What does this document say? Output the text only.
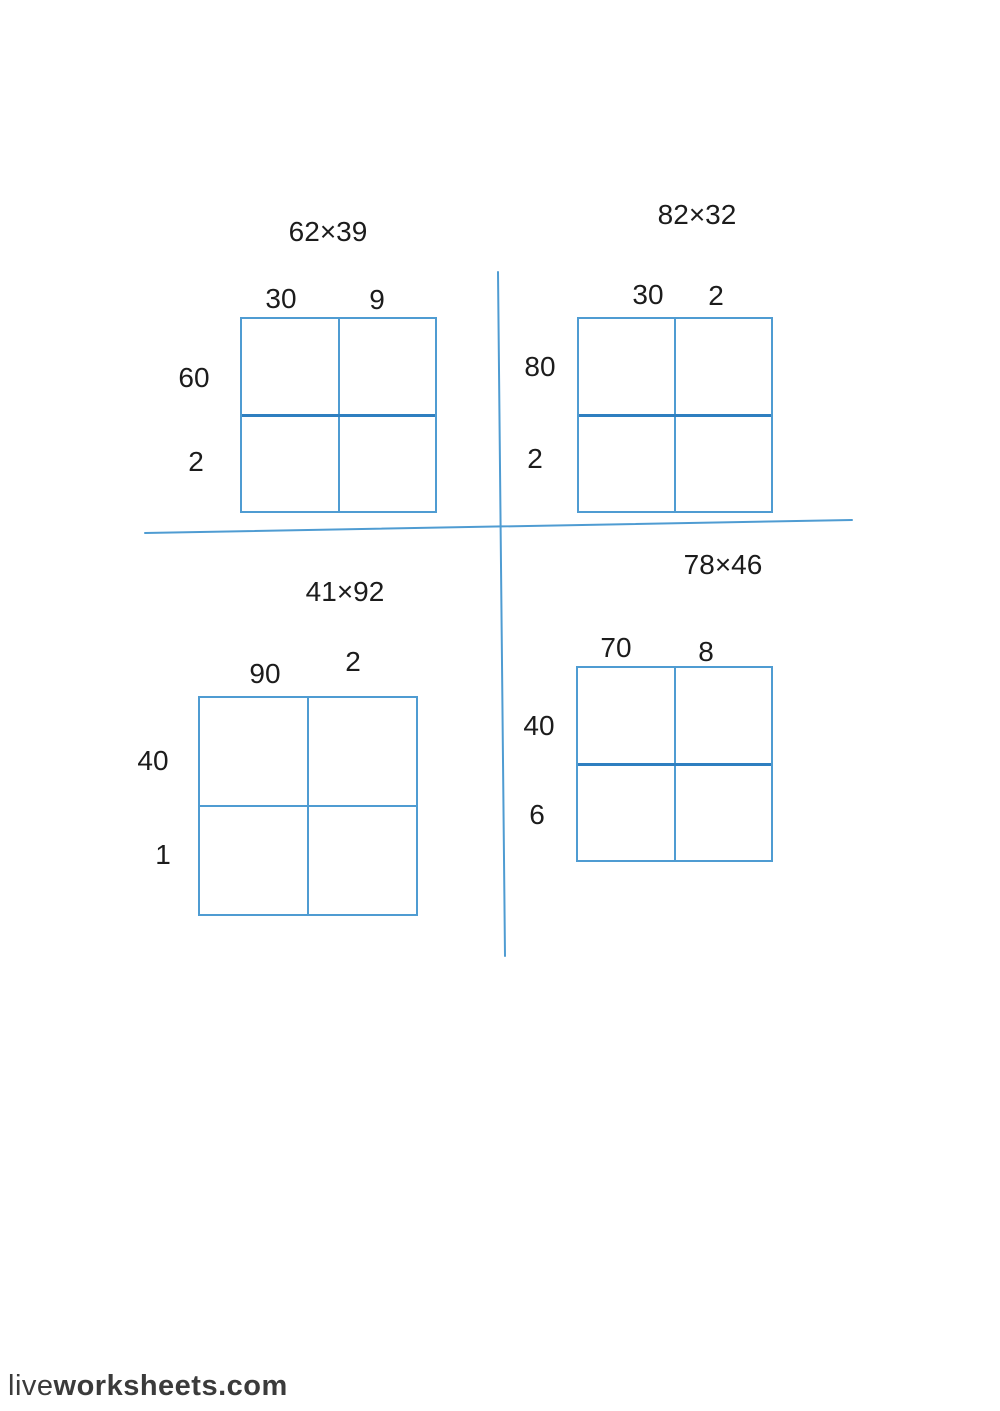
62×39
30	9
60
2
82×32
30 2
80
2
41×92
90 2
40
1
78×46
70 8
40
6
liveworksheets.com
